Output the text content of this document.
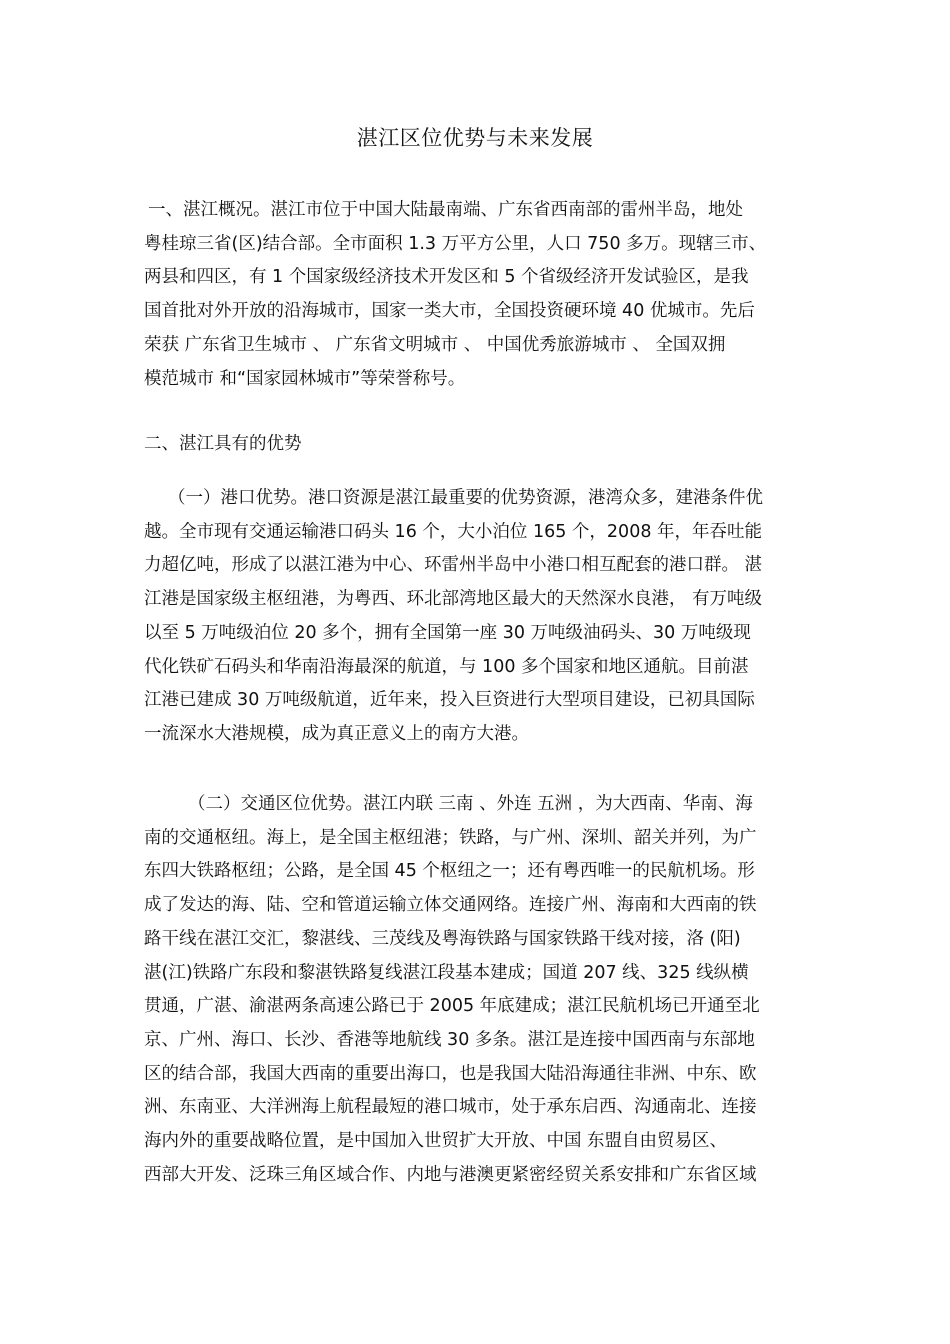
湛江区位优势与未来发展
一、湛江概况。湛江市位于中国大陆最南端、广东省西南部的雷州半岛，地处
粤桂琼三省(区)结合部。全市面积 1.3 万平方公里，人口 750 多万。现辖三市、
两县和四区，有 1 个国家级经济技术开发区和 5 个省级经济开发试验区，是我
国首批对外开放的沿海城市，国家一类大市，全国投资硬环境 40 优城市。先后
荣获 广东省卫生城市 、 广东省文明城市 、 中国优秀旅游城市 、 全国双拥
模范城市 和“国家园林城市”等荣誉称号。
二、湛江具有的优势
（一）港口优势。港口资源是湛江最重要的优势资源，港湾众多，建港条件优
越。全市现有交通运输港口码头 16 个，大小泊位 165 个，2008 年，年吞吐能
力超亿吨，形成了以湛江港为中心、环雷州半岛中小港口相互配套的港口群。 湛
江港是国家级主枢纽港，为粤西、环北部湾地区最大的天然深水良港， 有万吨级
以至 5 万吨级泊位 20 多个，拥有全国第一座 30 万吨级油码头、30 万吨级现
代化铁矿石码头和华南沿海最深的航道，与 100 多个国家和地区通航。目前湛
江港已建成 30 万吨级航道，近年来，投入巨资进行大型项目建设，已初具国际
一流深水大港规模，成为真正意义上的南方大港。
（二）交通区位优势。湛江内联 三南 、外连 五洲 ，为大西南、华南、海
南的交通枢纽。海上，是全国主枢纽港；铁路，与广州、深圳、韶关并列，为广
东四大铁路枢纽；公路，是全国 45 个枢纽之一；还有粤西唯一的民航机场。形
成了发达的海、陆、空和管道运输立体交通网络。连接广州、海南和大西南的铁
路干线在湛江交汇，黎湛线、三茂线及粤海铁路与国家铁路干线对接，洛 (阳)
湛(江)铁路广东段和黎湛铁路复线湛江段基本建成；国道 207 线、325 线纵横
贯通，广湛、渝湛两条高速公路已于 2005 年底建成；湛江民航机场已开通至北
京、广州、海口、长沙、香港等地航线 30 多条。湛江是连接中国西南与东部地
区的结合部，我国大西南的重要出海口，也是我国大陆沿海通往非洲、中东、欧
洲、东南亚、大洋洲海上航程最短的港口城市，处于承东启西、沟通南北、连接
海内外的重要战略位置，是中国加入世贸扩大开放、中国 东盟自由贸易区、
西部大开发、泛珠三角区域合作、内地与港澳更紧密经贸关系安排和广东省区域
